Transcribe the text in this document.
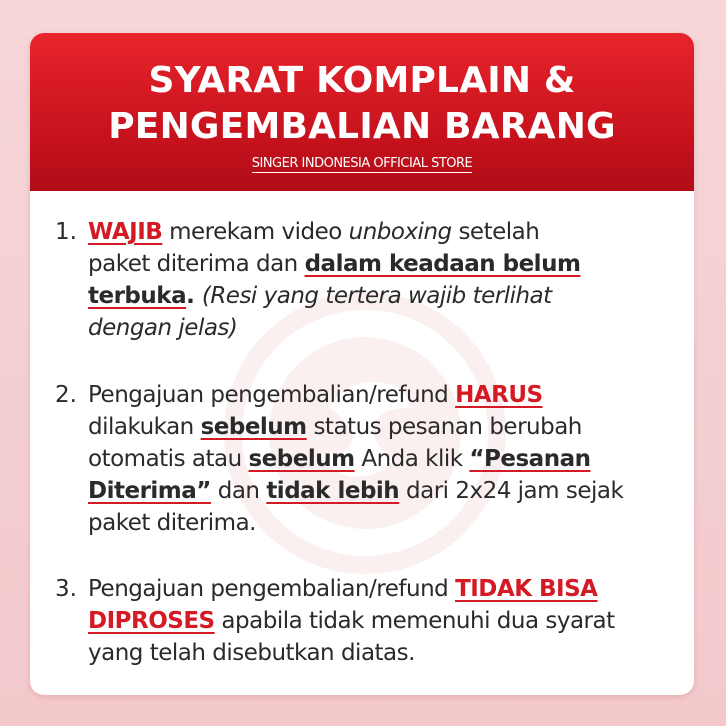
SYARAT KOMPLAIN &
PENGEMBALIAN BARANG
SINGER INDONESIA OFFICIAL STORE
1. WAJIB merekam video unboxing setelah
paket diterima dan dalam keadaan belum
terbuka. (Resi yang tertera wajib terlihat
dengan jelas)
2. Pengajuan pengembalian/refund HARUS
dilakukan sebelum status pesanan berubah
otomatis atau sebelum Anda klik “Pesanan
Diterima” dan tidak lebih dari 2x24 jam sejak
paket diterima.
3. Pengajuan pengembalian/refund TIDAK BISA
DIPROSES apabila tidak memenuhi dua syarat
yang telah disebutkan diatas.
